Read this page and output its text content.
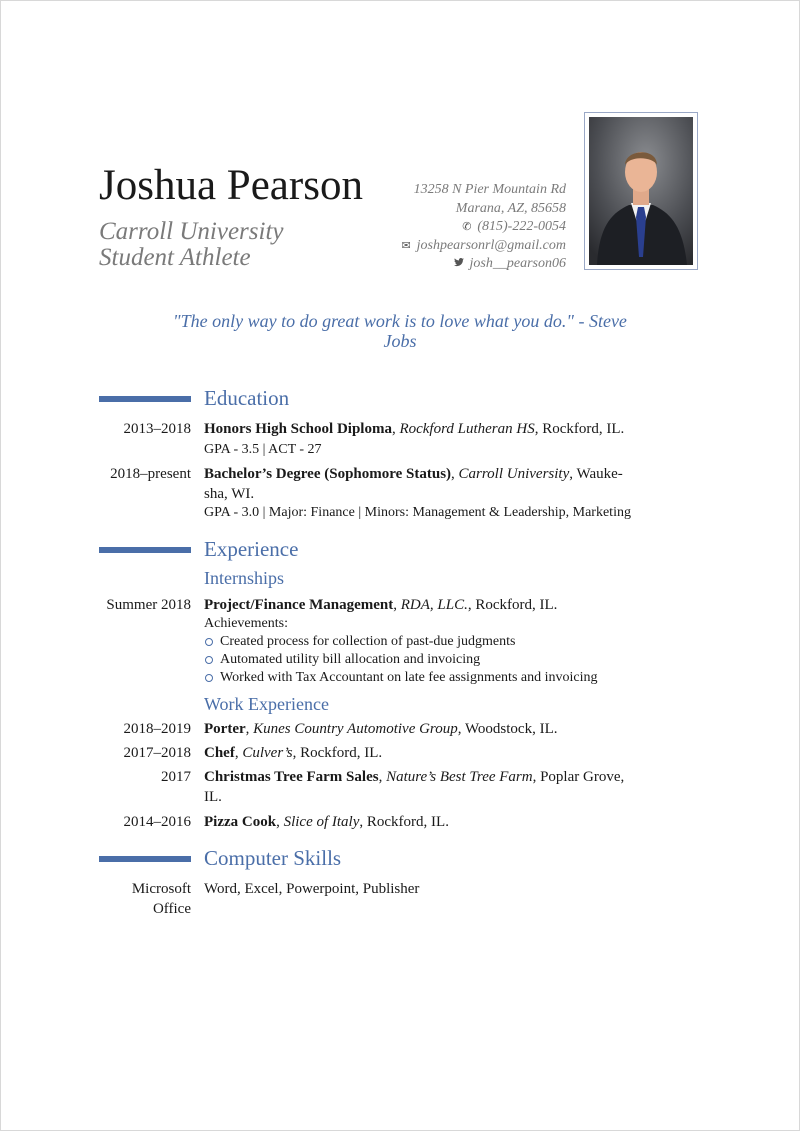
Joshua Pearson
Carroll University
Student Athlete
13258 N Pier Mountain Rd
Marana, AZ, 85658
✆ (815)-222-0054
✉ joshpearsonrl@gmail.com
josh__pearson06
"The only way to do great work is to love what you do." - Steve Jobs
Education
2013–2018 Honors High School Diploma, Rockford Lutheran HS, Rockford, IL.
GPA - 3.5 | ACT - 27
2018–present Bachelor’s Degree (Sophomore Status), Carroll University, Wauke-
sha, WI.
GPA - 3.0 | Major: Finance | Minors: Management & Leadership, Marketing
Experience
Internships
Summer 2018 Project/Finance Management, RDA, LLC., Rockford, IL.
Achievements:
Created process for collection of past-due judgments
Automated utility bill allocation and invoicing
Worked with Tax Accountant on late fee assignments and invoicing
Work Experience
2018–2019 Porter, Kunes Country Automotive Group, Woodstock, IL.
2017–2018 Chef, Culver’s, Rockford, IL.
2017 Christmas Tree Farm Sales, Nature’s Best Tree Farm, Poplar Grove,
IL.
2014–2016 Pizza Cook, Slice of Italy, Rockford, IL.
Computer Skills
Microsoft
Office
Word, Excel, Powerpoint, Publisher
